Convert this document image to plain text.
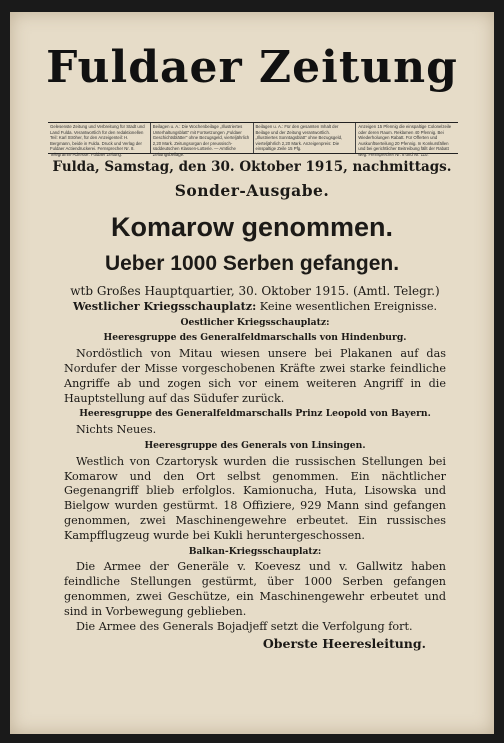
Fuldaer Zeitung
Gelesenste Zeitung und Verbreitung für Stadt und Land Fulda. Verantwortlich für den redaktionellen Teil: Karl Ströher, für den Anzeigenteil: H. Bergmann, beide in Fulda. Druck und Verlag der Fuldaer Actiendruckerei. Fernsprecher Nr. 8. Telegramm-Adresse: Fuldaer Zeitung.
Beilagen u. A.: Die Wochenbeilage „Illustriertes Unterhaltungsblatt“ mit Fortsetzungen „Fuldaer Geschichtsblätter“ ohne Bezugsgeld, vierteljährlich 2,20 Mark. Zeitungsorgan der preussisch-süddeutschen Klassen-Lotterie. — Amtliche Zeitungsbeilage.
Beilagen u. A.: Für den gesamten Inhalt der Beilage und der Zeitung verantwortlich. „Illustriertes Sonntagsblatt“ ohne Bezugsgeld, vierteljährlich 2,20 Mark. Anzeigenpreis: Die einspaltige Zeile 15 Pfg.
Anzeigen 15 Pfennig die einspaltige Colonelzeile oder deren Raum. Reklamen 40 Pfennig. Bei Wiederholungen Rabatt. Für Offerten und Auskunftserteilung 20 Pfennig. In Konkursfällen und bei gerichtlicher Beitreibung fällt der Rabatt weg. Fernsprecher Nr. 8 und Nr. 110.
Fulda, Samstag, den 30. Oktober 1915, nachmittags.
Sonder-Ausgabe.
Komarow genommen.
Ueber 1000 Serben gefangen.

wtb Großes Hauptquartier, 30. Oktober 1915. (Amtl. Telegr.)

Westlicher Kriegsschauplatz: Keine wesentlichen Ereignisse.

Oestlicher Kriegsschauplatz:

Heeresgruppe des Generalfeldmarschalls von Hindenburg.

Nordöstlich von Mitau wiesen unsere bei Plakanen auf das Nordufer der Misse vorgeschobenen Kräfte zwei starke feindliche Angriffe ab und zogen sich vor einem weiteren Angriff in die Hauptstellung auf das Südufer zurück.

Heeresgruppe des Generalfeldmarschalls Prinz Leopold von Bayern.

Nichts Neues.

Heeresgruppe des Generals von Linsingen.

Westlich von Czartorysk wurden die russischen Stellungen bei Komarow und den Ort selbst genommen. Ein nächtlicher Gegenangriff blieb erfolglos. Kamionucha, Huta, Lisowska und Bielgow wurden gestürmt. 18 Offiziere, 929 Mann sind gefangen genommen, zwei Maschinengewehre erbeutet. Ein russisches Kampfflugzeug wurde bei Kukli heruntergeschossen.

Balkan-Kriegsschauplatz:

Die Armee der Generäle v. Koevesz und v. Gallwitz haben feindliche Stellungen gestürmt, über 1000 Serben gefangen genommen, zwei Geschütze, ein Maschinengewehr erbeutet und sind in Vorbewegung geblieben.

Die Armee des Generals Bojadjeff setzt die Verfolgung fort.

Oberste Heeresleitung.
